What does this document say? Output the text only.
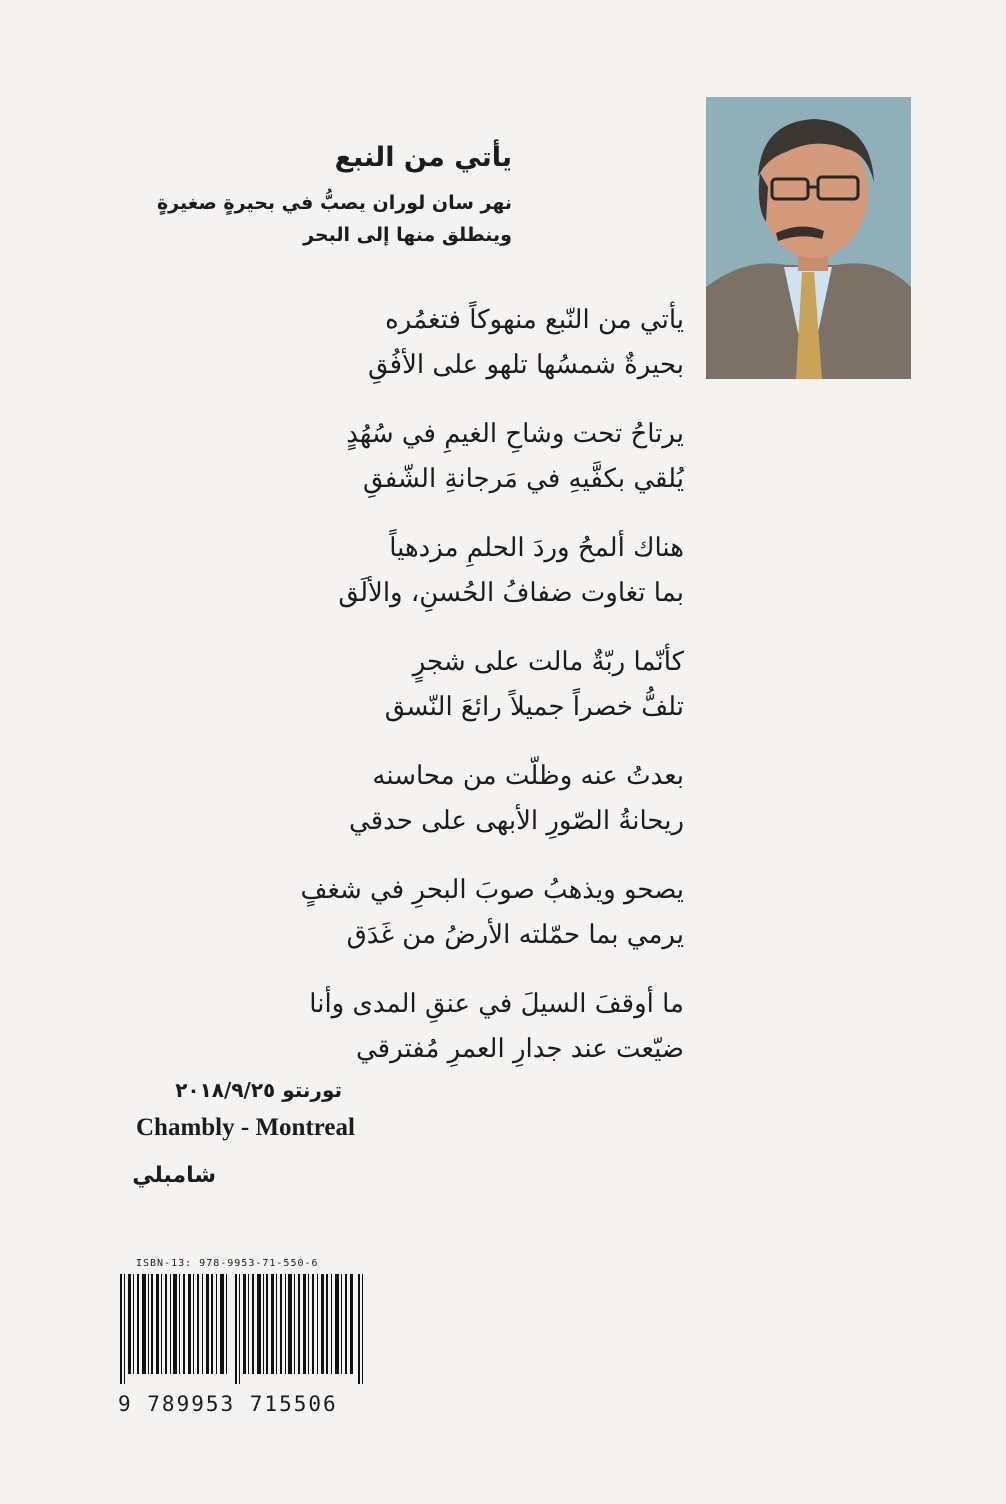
يأتي من النبع

نهر سان لوران يصبُّ في بحيرةٍ صغيرةٍ

وينطلق منها إلى البحر

يأتي من النّبع منهوكاً فتغمُره
بحيرةٌ شمسُها تلهو على الأفُقِ
يرتاحُ تحت وشاحِ الغيمِ في سُهُدٍ
يُلقي بكفَّيهِ في مَرجانةِ الشّفقِ
هناك ألمحُ وردَ الحلمِ مزدهياً
بما تغاوت ضفافُ الحُسنِ، والألَق
كأنّما ربّةٌ مالت على شجرٍ
تلفُّ خصراً جميلاً رائعَ النّسق
بعدتُ عنه وظلّت من محاسنه
ريحانةُ الصّورِ الأبهى على حدقي
يصحو ويذهبُ صوبَ البحرِ في شغفٍ
يرمي بما حمّلته الأرضُ من غَدَق
ما أوقفَ السيلَ في عنقِ المدى وأنا
ضيّعت عند جدارِ العمرِ مُفترقي
تورنتو ٢٠١٨/٩/٢٥
Chambly - Montreal
شامبلي
ISBN-13: 978-9953-71-550-6
9 789953 715506
